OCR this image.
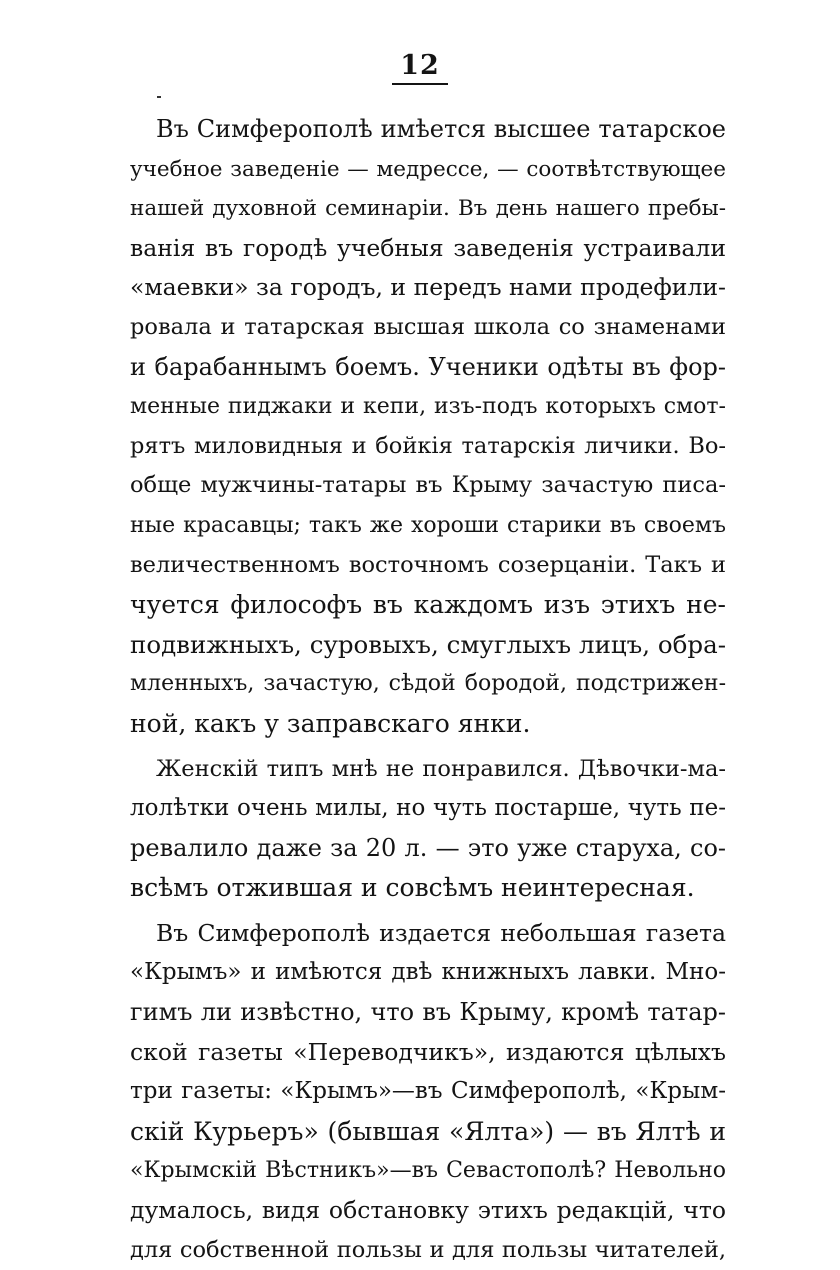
12
Въ Симферополѣ имѣется высшее татарское
учебное заведеніе — медрессе, — соотвѣтствующее
нашей духовной семинаріи. Въ день нашего пребы-
ванія въ городѣ учебныя заведенія устраивали
«маевки» за городъ, и передъ нами продефили-
ровала и татарская высшая школа со знаменами
и барабаннымъ боемъ. Ученики одѣты въ фор-
менные пиджаки и кепи, изъ-подъ которыхъ смот-
рятъ миловидныя и бойкія татарскія личики. Во-
обще мужчины-татары въ Крыму зачастую писа-
ные красавцы; такъ же хороши старики въ своемъ
величественномъ восточномъ созерцаніи. Такъ и
чуется философъ въ каждомъ изъ этихъ не-
подвижныхъ, суровыхъ, смуглыхъ лицъ, обра-
мленныхъ, зачастую, сѣдой бородой, подстрижен-
ной, какъ у заправскаго янки.
Женскій типъ мнѣ не понравился. Дѣвочки-ма-
лолѣтки очень милы, но чуть постарше, чуть пе-
ревалило даже за 20 л. — это уже старуха, со-
всѣмъ отжившая и совсѣмъ неинтересная.
Въ Симферополѣ издается небольшая газета
«Крымъ» и имѣются двѣ книжныхъ лавки. Мно-
гимъ ли извѣстно, что въ Крыму, кромѣ татар-
ской газеты «Переводчикъ», издаются цѣлыхъ
три газеты: «Крымъ»—въ Симферополѣ, «Крым-
скій Курьеръ» (бывшая «Ялта») — въ Ялтѣ и
«Крымскій Вѣстникъ»—въ Севастополѣ? Невольно
думалось, видя обстановку этихъ редакцій, что
для собственной пользы и для пользы читателей,
